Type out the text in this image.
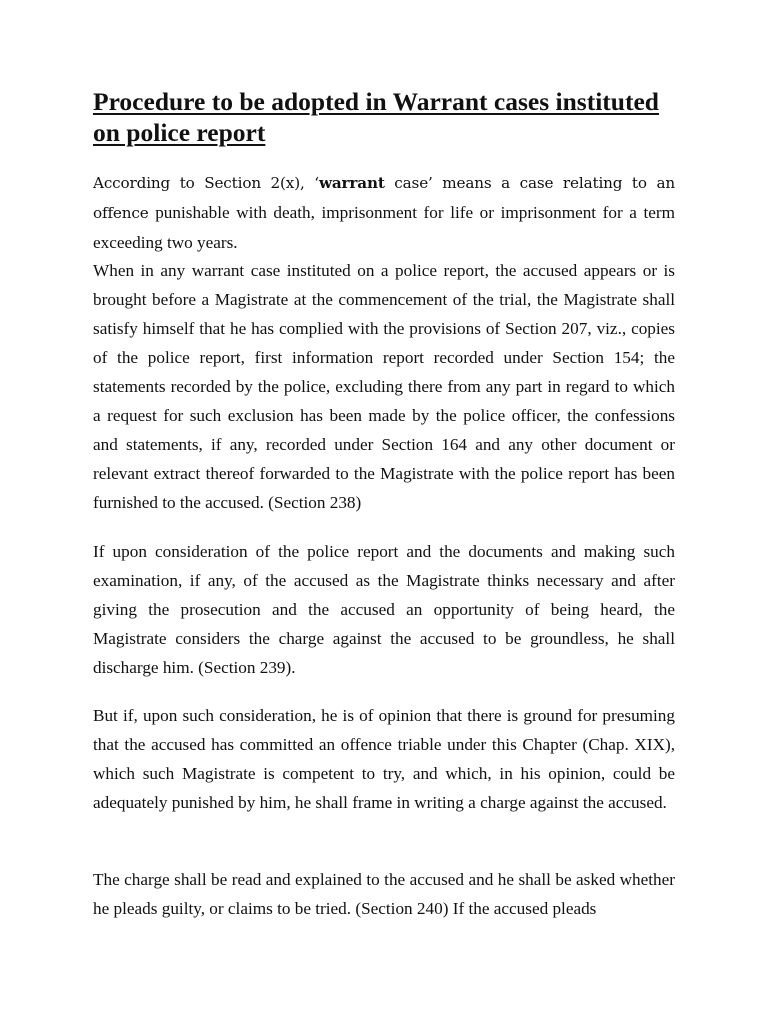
Procedure to be adopted in Warrant cases instituted on police report

According to Section 2(x), ‘warrant case’ means a case relating to an offence punishable with death, imprisonment for life or imprisonment for a term exceeding two years.

When in any warrant case instituted on a police report, the accused appears or is brought before a Magistrate at the commencement of the trial, the Magistrate shall satisfy himself that he has complied with the provisions of Section 207, viz., copies of the police report, first information report recorded under Section 154; the statements recorded by the police, excluding there from any part in regard to which a request for such exclusion has been made by the police officer, the confessions and statements, if any, recorded under Section 164 and any other document or relevant extract thereof forwarded to the Magistrate with the police report has been furnished to the accused. (Section 238)

If upon consideration of the police report and the documents and making such examination, if any, of the accused as the Magistrate thinks necessary and after giving the prosecution and the accused an opportunity of being heard, the Magistrate considers the charge against the accused to be groundless, he shall discharge him. (Section 239).

But if, upon such consideration, he is of opinion that there is ground for presuming that the accused has committed an offence triable under this Chapter (Chap. XIX), which such Magistrate is competent to try, and which, in his opinion, could be adequately punished by him, he shall frame in writing a charge against the accused.

The charge shall be read and explained to the accused and he shall be asked whether he pleads guilty, or claims to be tried. (Section 240) If the accused pleads
